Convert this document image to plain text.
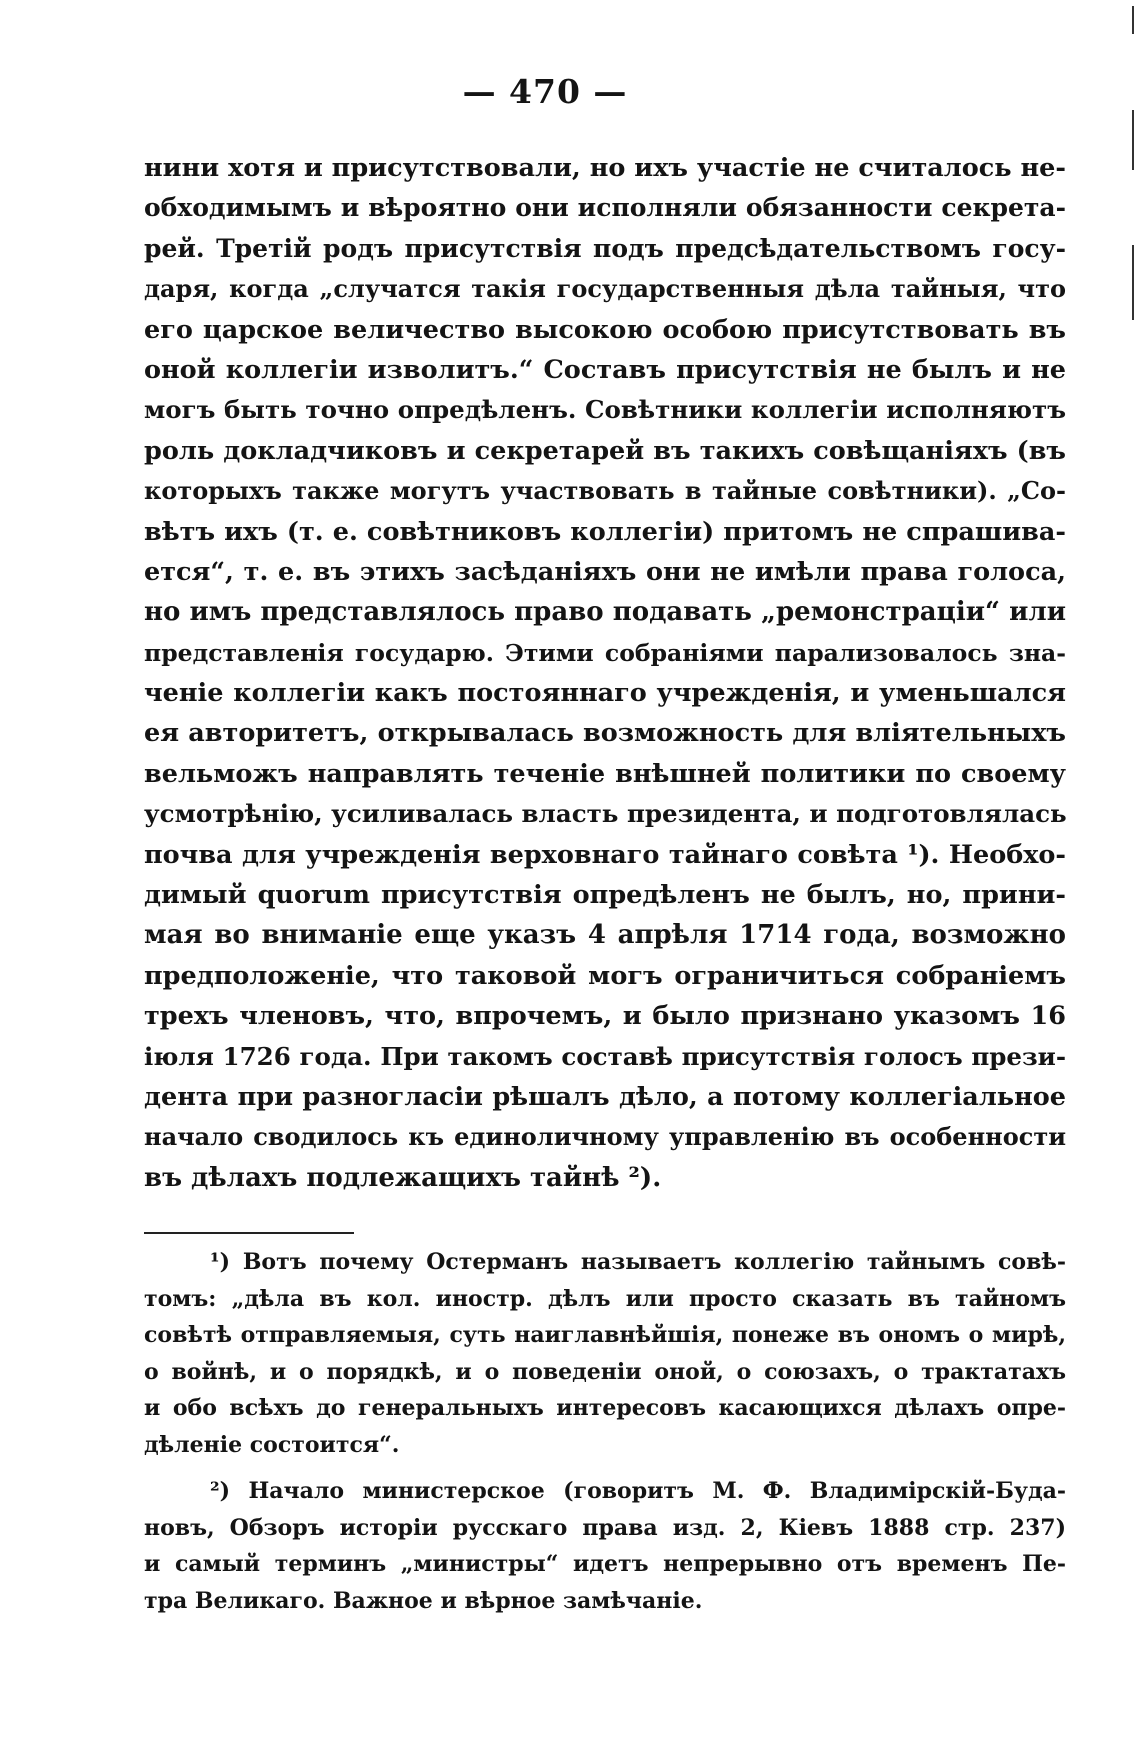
— 470 —
нини хотя и присутствовали, но ихъ участiе не считалось не-
обходимымъ и вѣроятно они исполняли обязанности секрета-
рей. Третiй родъ присутствiя подъ предсѣдательствомъ госу-
даря, когда „случатся такiя государственныя дѣла тайныя, что
его царское величество высокою особою присутствовать въ
оной коллегiи изволитъ.“ Составъ присутствiя не былъ и не
могъ быть точно опредѣленъ. Совѣтники коллегiи исполняютъ
роль докладчиковъ и секретарей въ такихъ совѣщанiяхъ (въ
которыхъ также могутъ участвовать в тайные совѣтники). „Со-
вѣтъ ихъ (т. е. совѣтниковъ коллегiи) притомъ не спрашива-
ется“, т. е. въ этихъ засѣданiяхъ они не имѣли права голоса,
но имъ представлялось право подавать „ремонстрацiи“ или
представленiя государю. Этими собранiями парализовалось зна-
ченiе коллегiи какъ постояннаго учрежденiя, и уменьшался
ея авторитетъ, открывалась возможность для влiятельныхъ
вельможъ направлять теченiе внѣшней политики по своему
усмотрѣнiю, усиливалась власть президента, и подготовлялась
почва для учрежденiя верховнаго тайнаго совѣта ¹). Необхо-
димый quorum присутствiя опредѣленъ не былъ, но, прини-
мая во вниманiе еще указъ 4 апрѣля 1714 года, возможно
предположенiе, что таковой могъ ограничиться собранiемъ
трехъ членовъ, что, впрочемъ, и было признано указомъ 16
iюля 1726 года. При такомъ составѣ присутствiя голосъ прези-
дента при разногласiи рѣшалъ дѣло, а потому коллегiальное
начало сводилось къ единоличному управленiю въ особенности
въ дѣлахъ подлежащихъ тайнѣ ²).
¹) Вотъ почему Остерманъ называетъ коллегiю тайнымъ совѣ-
томъ: „дѣла въ кол. иностр. дѣлъ или просто сказать въ тайномъ
совѣтѣ отправляемыя, суть наиглавнѣйшiя, понеже въ ономъ о мирѣ,
о войнѣ, и о порядкѣ, и о поведенiи оной, о союзахъ, о трактатахъ
и обо всѣхъ до генеральныхъ интересовъ касающихся дѣлахъ опре-
дѣленiе состоится“.
²) Начало министерское (говоритъ М. Ф. Владимiрскiй-Буда-
новъ, Обзоръ исторiи русскаго права изд. 2, Кiевъ 1888 стр. 237)
и самый терминъ „министры“ идетъ непрерывно отъ временъ Пе-
тра Великаго. Важное и вѣрное замѣчанiе.
